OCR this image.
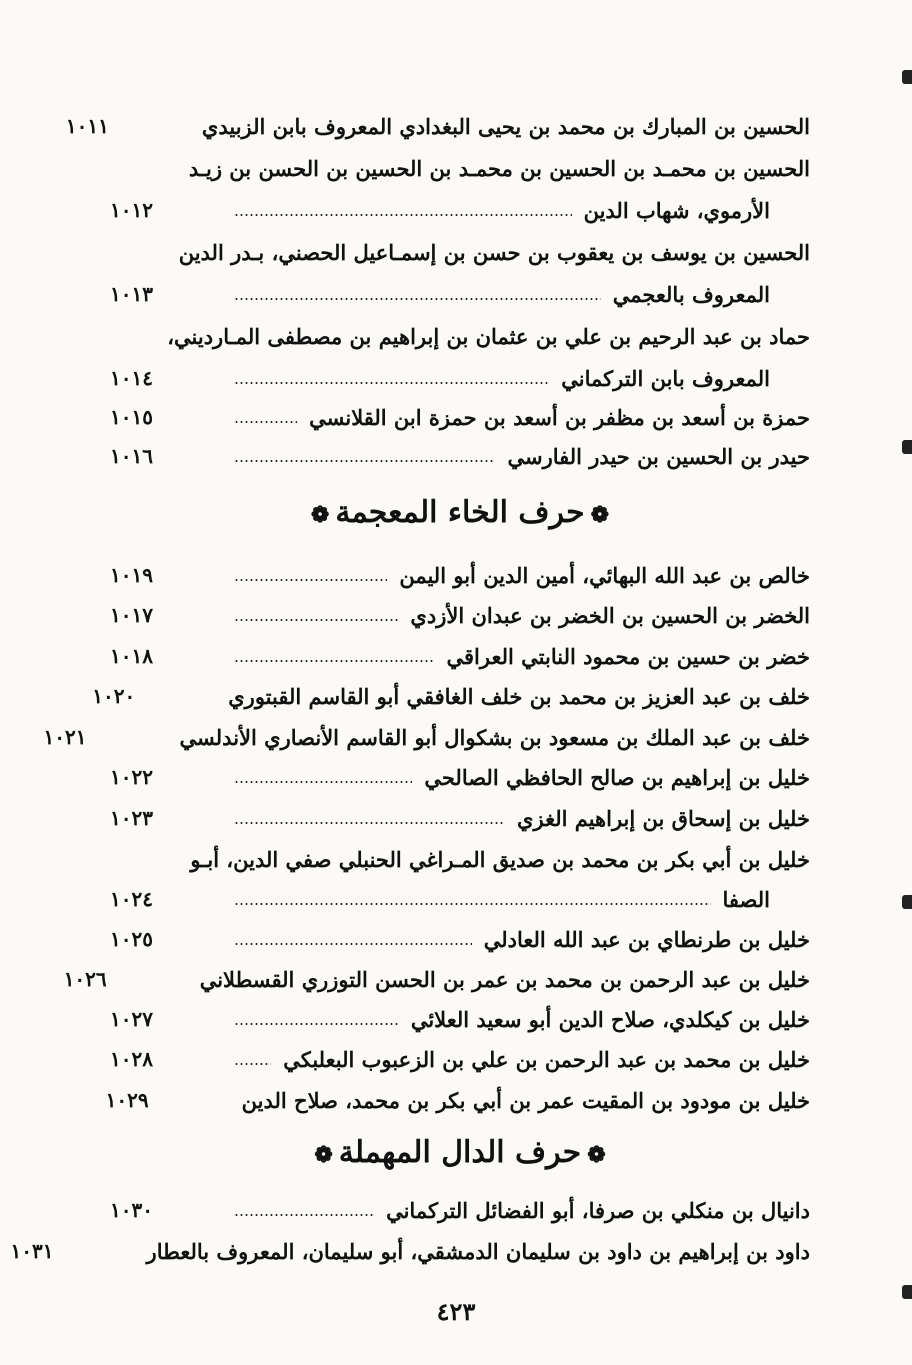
الحسين بن المبارك بن محمد بن يحيى البغدادي المعروف بابن الزبيدي
١٠١١
الحسين بن محمـد بن الحسين بن محمـد بن الحسين بن الحسن بن زيـد
الأرموي، شهاب الدين
١٠١٢
الحسين بن يوسف بن يعقوب بن حسن بن إسمـاعيل الحصني، بـدر الدين
المعروف بالعجمي
١٠١٣
حماد بن عبد الرحيم بن علي بن عثمان بن إبراهيم بن مصطفى المـارديني،
المعروف بابن التركماني
١٠١٤
حمزة بن أسعد بن مظفر بن أسعد بن حمزة ابن القلانسي
١٠١٥
حيدر بن الحسين بن حيدر الفارسي
١٠١٦
❁حرف الخاء المعجمة❁
خالص بن عبد الله البهائي، أمين الدين أبو اليمن
١٠١٩
الخضر بن الحسين بن الخضر بن عبدان الأزدي
١٠١٧
خضر بن حسين بن محمود النابتي العراقي
١٠١٨
خلف بن عبد العزيز بن محمد بن خلف الغافقي أبو القاسم القبتوري
١٠٢٠
خلف بن عبد الملك بن مسعود بن بشكوال أبو القاسم الأنصاري الأندلسي
١٠٢١
خليل بن إبراهيم بن صالح الحافظي الصالحي
١٠٢٢
خليل بن إسحاق بن إبراهيم الغزي
١٠٢٣
خليل بن أبي بكر بن محمد بن صديق المـراغي الحنبلي صفي الدين، أبـو
الصفا
١٠٢٤
خليل بن طرنطاي بن عبد الله العادلي
١٠٢٥
خليل بن عبد الرحمن بن محمد بن عمر بن الحسن التوزري القسطلاني
١٠٢٦
خليل بن كيكلدي، صلاح الدين أبو سعيد العلائي
١٠٢٧
خليل بن محمد بن عبد الرحمن بن علي بن الزعبوب البعلبكي
١٠٢٨
خليل بن مودود بن المقيت عمر بن أبي بكر بن محمد، صلاح الدين
١٠٢٩
❁حرف الدال المهملة❁
دانيال بن منكلي بن صرفا، أبو الفضائل التركماني
١٠٣٠
داود بن إبراهيم بن داود بن سليمان الدمشقي، أبو سليمان، المعروف بالعطار
١٠٣١
٤٢٣
